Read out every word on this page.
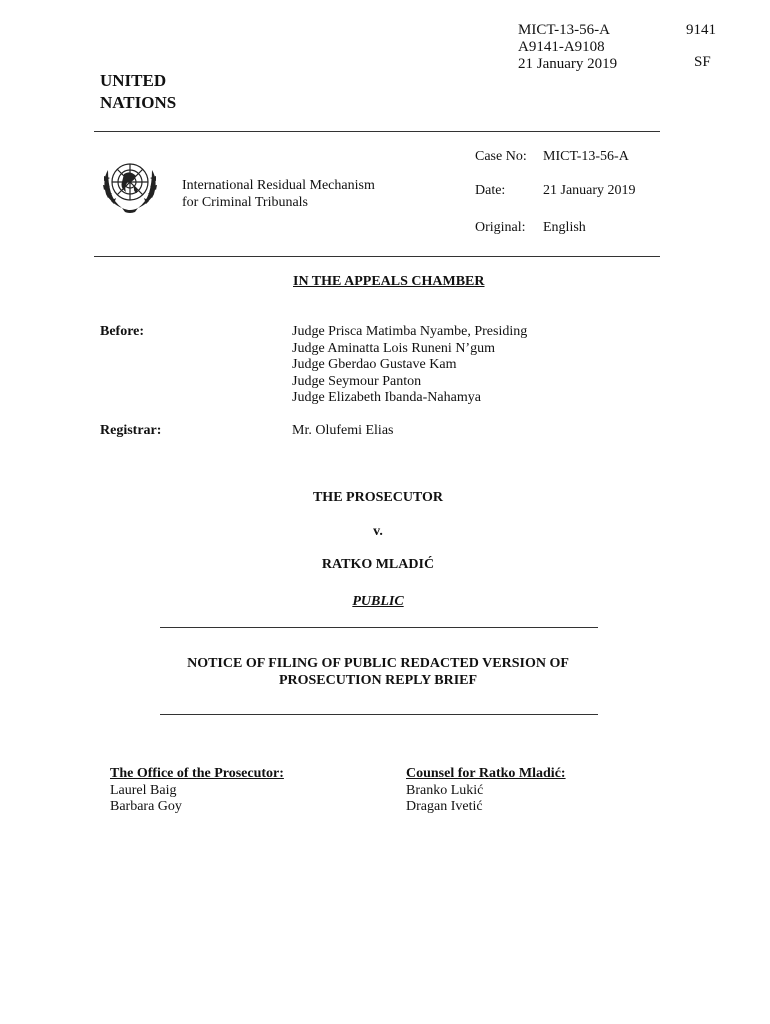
MICT-13-56-A
A9141-A9108
21 January 2019
9141
SF
UNITED
NATIONS
International Residual Mechanism
for Criminal Tribunals
Case No: MICT-13-56-A
Date:	21 January 2019
Original: English
IN THE APPEALS CHAMBER
Before:	Judge Prisca Matimba Nyambe, Presiding
Judge Aminatta Lois Runeni N’gum
Judge Gberdao Gustave Kam
Judge Seymour Panton
Judge Elizabeth Ibanda-Nahamya
Registrar:	Mr. Olufemi Elias
THE PROSECUTOR
v.
RATKO MLADIĆ
PUBLIC
NOTICE OF FILING OF PUBLIC REDACTED VERSION OF
PROSECUTION REPLY BRIEF
The Office of the Prosecutor:
Laurel Baig
Barbara Goy
Counsel for Ratko Mladić:
Branko Lukić
Dragan Ivetić
